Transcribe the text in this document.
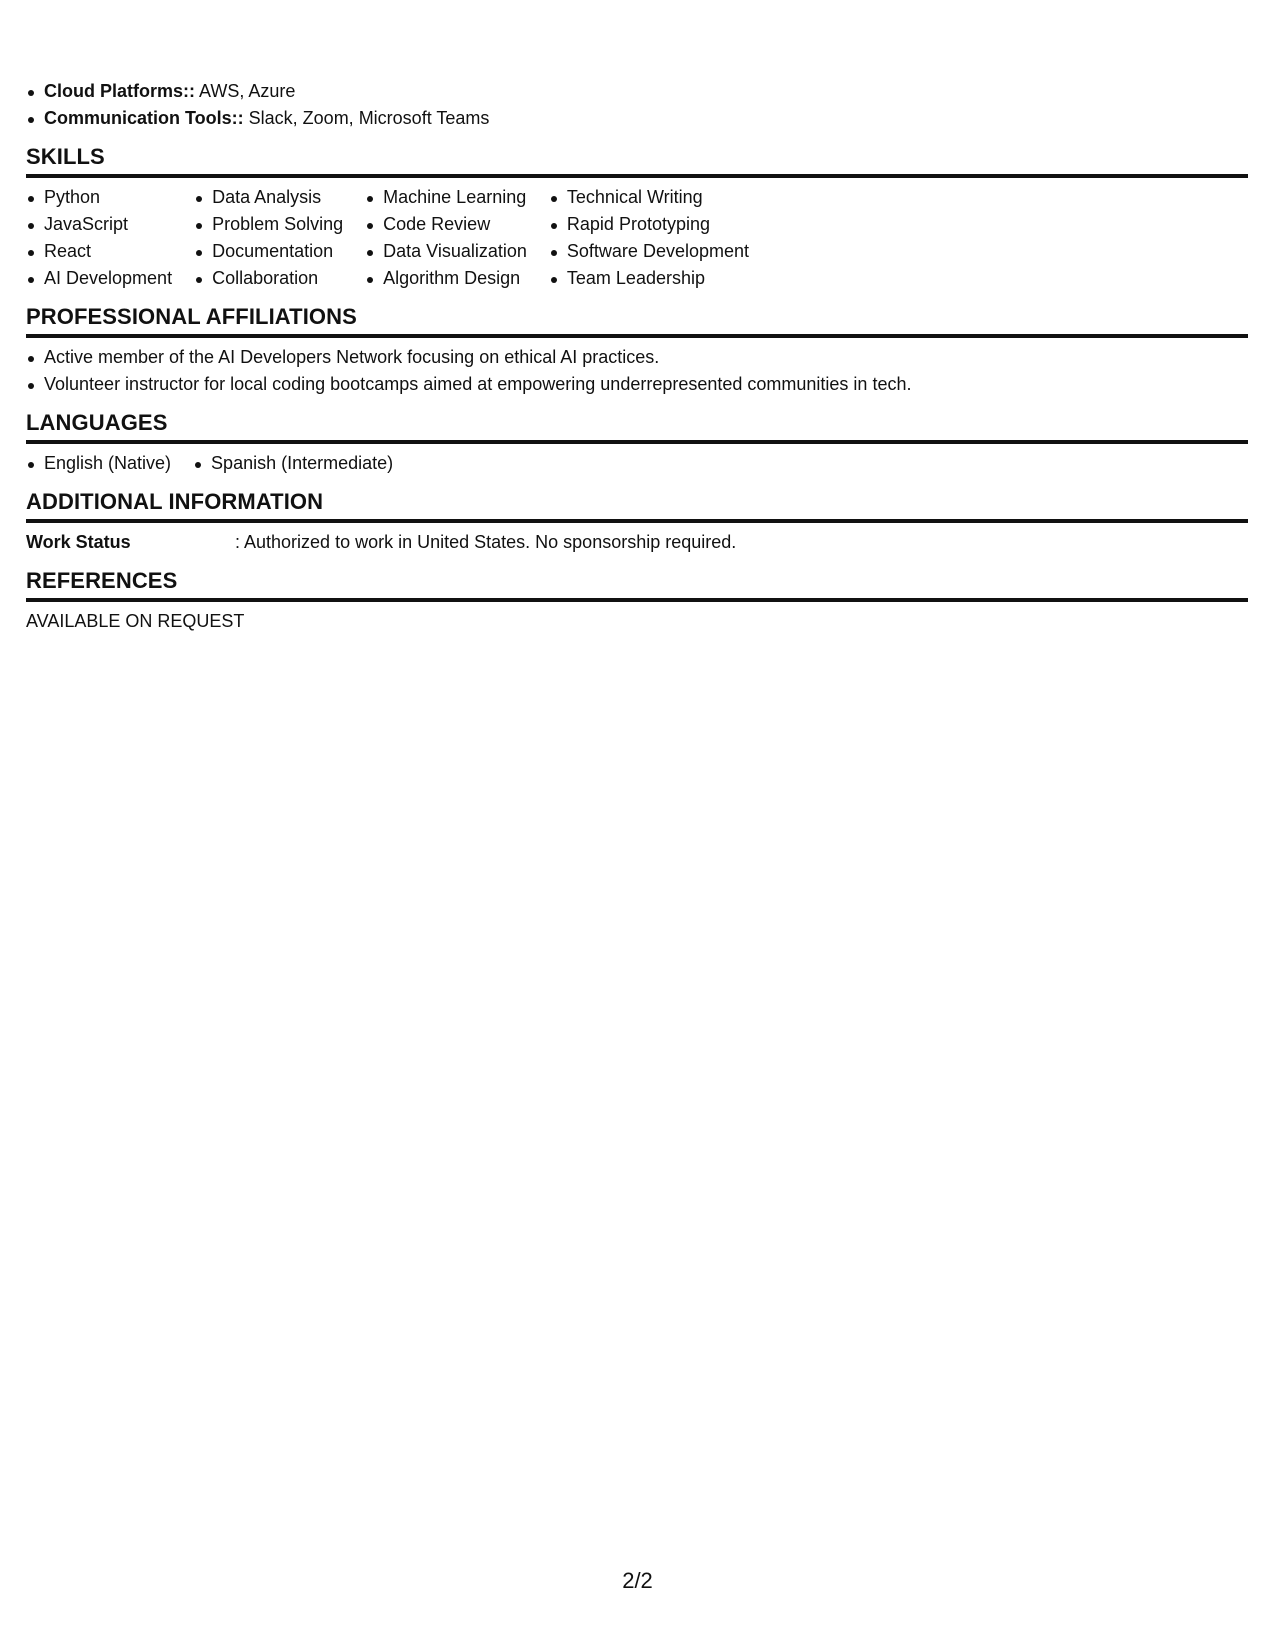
Cloud Platforms:: AWS, Azure
Communication Tools:: Slack, Zoom, Microsoft Teams
SKILLS
Python
JavaScript
React
AI Development
Data Analysis
Problem Solving
Documentation
Collaboration
Machine Learning
Code Review
Data Visualization
Algorithm Design
Technical Writing
Rapid Prototyping
Software Development
Team Leadership
PROFESSIONAL AFFILIATIONS
Active member of the AI Developers Network focusing on ethical AI practices.
Volunteer instructor for local coding bootcamps aimed at empowering underrepresented communities in tech.
LANGUAGES
English (Native)	Spanish (Intermediate)
ADDITIONAL INFORMATION
Work Status	: Authorized to work in United States. No sponsorship required.
REFERENCES
AVAILABLE ON REQUEST
2/2
